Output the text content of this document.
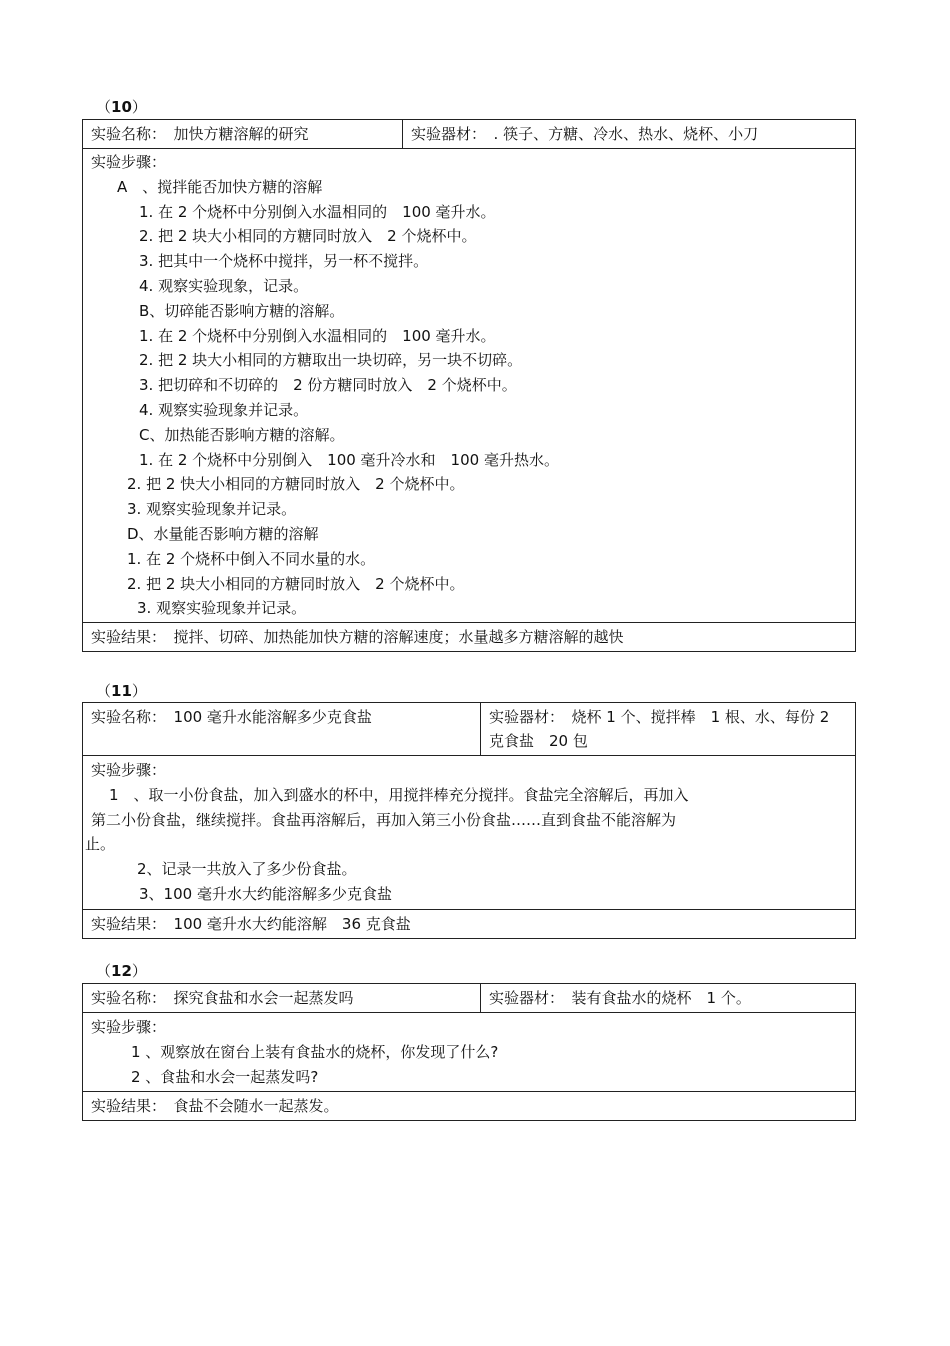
（10）
实验名称：　 加快方糖溶解的研究	实验器材：　 . 筷子、方糖、冷水、热水、烧杯、小刀

实验步骤：
A　、搅拌能否加快方糖的溶解
1. 在 2 个烧杯中分别倒入水温相同的　100 毫升水。
2. 把 2 块大小相同的方糖同时放入　2 个烧杯中。
3. 把其中一个烧杯中搅拌，另一杯不搅拌。
4. 观察实验现象，记录。
B、切碎能否影响方糖的溶解。
1. 在 2 个烧杯中分别倒入水温相同的　100 毫升水。
2. 把 2 块大小相同的方糖取出一块切碎，另一块不切碎。
3. 把切碎和不切碎的　2 份方糖同时放入　2 个烧杯中。
4. 观察实验现象并记录。
C、加热能否影响方糖的溶解。
1. 在 2 个烧杯中分别倒入　100 毫升冷水和　100 毫升热水。
2. 把 2 快大小相同的方糖同时放入　2 个烧杯中。
3. 观察实验现象并记录。
D、水量能否影响方糖的溶解
1. 在 2 个烧杯中倒入不同水量的水。
2. 把 2 块大小相同的方糖同时放入　2 个烧杯中。
3. 观察实验现象并记录。

实验结果：　 搅拌、切碎、加热能加快方糖的溶解速度；水量越多方糖溶解的越快
（11）
实验名称：　 100 毫升水能溶解多少克食盐	实验器材：　 烧杯 1 个、搅拌棒　1 根、水、每份 2 克食盐　20 包

实验步骤：
1　、取一小份食盐，加入到盛水的杯中，用搅拌棒充分搅拌。食盐完全溶解后，再加入
第二小份食盐，继续搅拌。食盐再溶解后，再加入第三小份食盐……直到食盐不能溶解为
止。
2、记录一共放入了多少份食盐。
3、100 毫升水大约能溶解多少克食盐

实验结果：　 100 毫升水大约能溶解　36 克食盐
（12）
实验名称：　 探究食盐和水会一起蒸发吗	实验器材：　 装有食盐水的烧杯　1 个。

实验步骤：
1 、观察放在窗台上装有食盐水的烧杯，你发现了什么?
2 、食盐和水会一起蒸发吗?

实验结果：　 食盐不会随水一起蒸发。
